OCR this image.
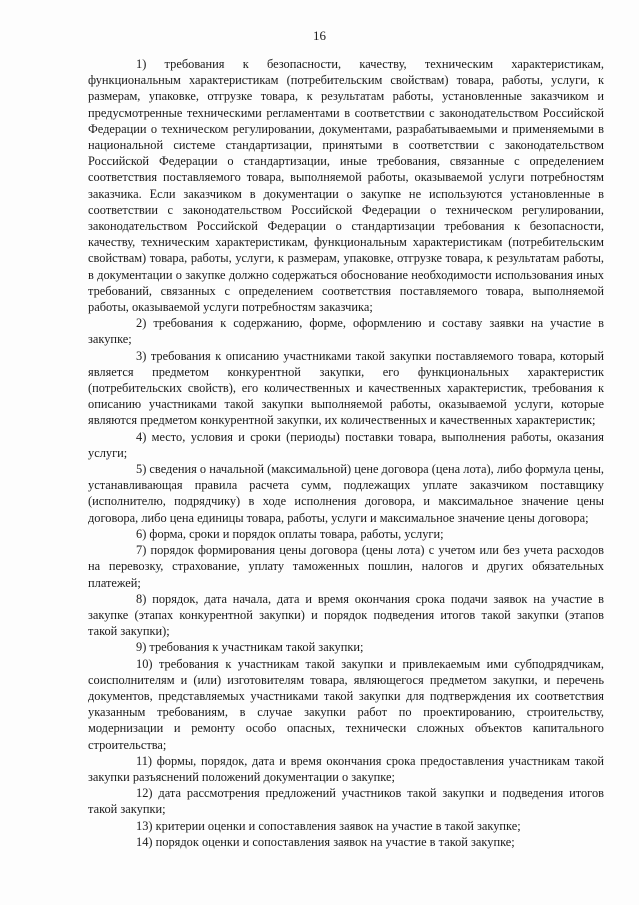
16

1) требования к безопасности, качеству, техническим характеристикам, функциональным характеристикам (потребительским свойствам) товара, работы, услуги, к размерам, упаковке, отгрузке товара, к результатам работы, установленные заказчиком и предусмотренные техническими регламентами в соответствии с законодательством Российской Федерации о техническом регулировании, документами, разрабатываемыми и применяемыми в национальной системе стандартизации, принятыми в соответствии с законодательством Российской Федерации о стандартизации, иные требования, связанные с определением соответствия поставляемого товара, выполняемой работы, оказываемой услуги потребностям заказчика. Если заказчиком в документации о закупке не используются установленные в соответствии с законодательством Российской Федерации о техническом регулировании, законодательством Российской Федерации о стандартизации требования к безопасности, качеству, техническим характеристикам, функциональным характеристикам (потребительским свойствам) товара, работы, услуги, к размерам, упаковке, отгрузке товара, к результатам работы, в документации о закупке должно содержаться обоснование необходимости использования иных требований, связанных с определением соответствия поставляемого товара, выполняемой работы, оказываемой услуги потребностям заказчика;

2) требования к содержанию, форме, оформлению и составу заявки на участие в закупке;

3) требования к описанию участниками такой закупки поставляемого товара, который является предметом конкурентной закупки, его функциональных характеристик (потребительских свойств), его количественных и качественных характеристик, требования к описанию участниками такой закупки выполняемой работы, оказываемой услуги, которые являются предметом конкурентной закупки, их количественных и качественных характеристик;

4) место, условия и сроки (периоды) поставки товара, выполнения работы, оказания услуги;

5) сведения о начальной (максимальной) цене договора (цена лота), либо формула цены, устанавливающая правила расчета сумм, подлежащих уплате заказчиком поставщику (исполнителю, подрядчику) в ходе исполнения договора, и максимальное значение цены договора, либо цена единицы товара, работы, услуги и максимальное значение цены договора;

6) форма, сроки и порядок оплаты товара, работы, услуги;

7) порядок формирования цены договора (цены лота) с учетом или без учета расходов на перевозку, страхование, уплату таможенных пошлин, налогов и других обязательных платежей;

8) порядок, дата начала, дата и время окончания срока подачи заявок на участие в закупке (этапах конкурентной закупки) и порядок подведения итогов такой закупки (этапов такой закупки);

9) требования к участникам такой закупки;

10) требования к участникам такой закупки и привлекаемым ими субподрядчикам, соисполнителям и (или) изготовителям товара, являющегося предметом закупки, и перечень документов, представляемых участниками такой закупки для подтверждения их соответствия указанным требованиям, в случае закупки работ по проектированию, строительству, модернизации и ремонту особо опасных, технически сложных объектов капитального строительства;

11) формы, порядок, дата и время окончания срока предоставления участникам такой закупки разъяснений положений документации о закупке;

12) дата рассмотрения предложений участников такой закупки и подведения итогов такой закупки;

13) критерии оценки и сопоставления заявок на участие в такой закупке;

14) порядок оценки и сопоставления заявок на участие в такой закупке;
